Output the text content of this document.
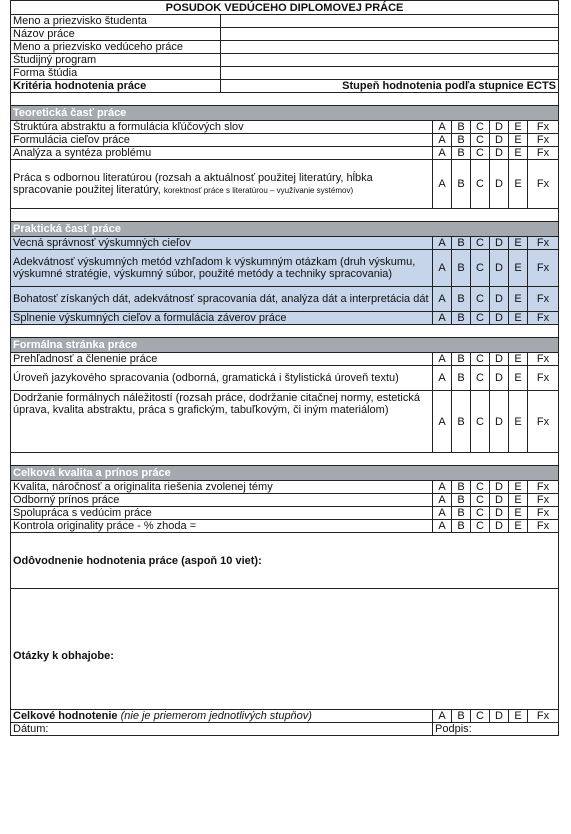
POSUDOK VEDÚCEHO DIPLOMOVEJ PRÁCE							
Meno a priezvisko študenta							
Názov práce							
Meno a priezvisko vedúceho práce							
Študijný program							
Forma štúdia							
Kritéria hodnotenia práce	Stupeň hodnotenia podľa stupnice ECTS						

Teoretická časť práce							
Štruktúra abstraktu a formulácia kľúčových slov		A	B	C	D	E	Fx
Formulácia cieľov práce		A	B	C	D	E	Fx
Analýza a syntéza problému		A	B	C	D	E	Fx
Práca s odbornou literatúrou (rozsah a aktuálnosť použitej literatúry, hĺbka spracovanie použitej literatúry, korektnosť práce s literatúrou – využívanie systémov)		A	B	C	D	E	Fx

Praktická časť práce							
Vecná správnosť výskumných cieľov		A	B	C	D	E	Fx
Adekvátnosť výskumných metód vzhľadom k výskumným otázkam (druh výskumu, výskumné stratégie, výskumný súbor, použité metódy a techniky spracovania)		A	B	C	D	E	Fx
Bohatosť získaných dát, adekvátnosť spracovania dát, analýza dát a interpretácia dát		A	B	C	D	E	Fx
Splnenie výskumných cieľov a formulácia záverov práce		A	B	C	D	E	Fx

Formálna stránka práce							
Prehľadnosť a členenie práce		A	B	C	D	E	Fx
Úroveň jazykového spracovania (odborná, gramatická i štylistická úroveň textu)		A	B	C	D	E	Fx
Dodržanie formálnych náležitostí (rozsah práce, dodržanie citačnej normy, estetická úprava, kvalita abstraktu, práca s grafickým, tabuľkovým, či iným materiálom)		A	B	C	D	E	Fx

Celková kvalita a prínos práce							
Kvalita, náročnosť a originalita riešenia zvolenej témy		A	B	C	D	E	Fx
Odborný prínos práce		A	B	C	D	E	Fx
Spolupráca s vedúcim práce		A	B	C	D	E	Fx
Kontrola originality práce - % zhoda =		A	B	C	D	E	Fx
Odôvodnenie hodnotenia práce (aspoň 10 viet):							
Otázky k obhajobe:							
Celkové hodnotenie (nie je priemerom jednotlivých stupňov)		A	B	C	D	E	Fx
Dátum:		Podpis:					
